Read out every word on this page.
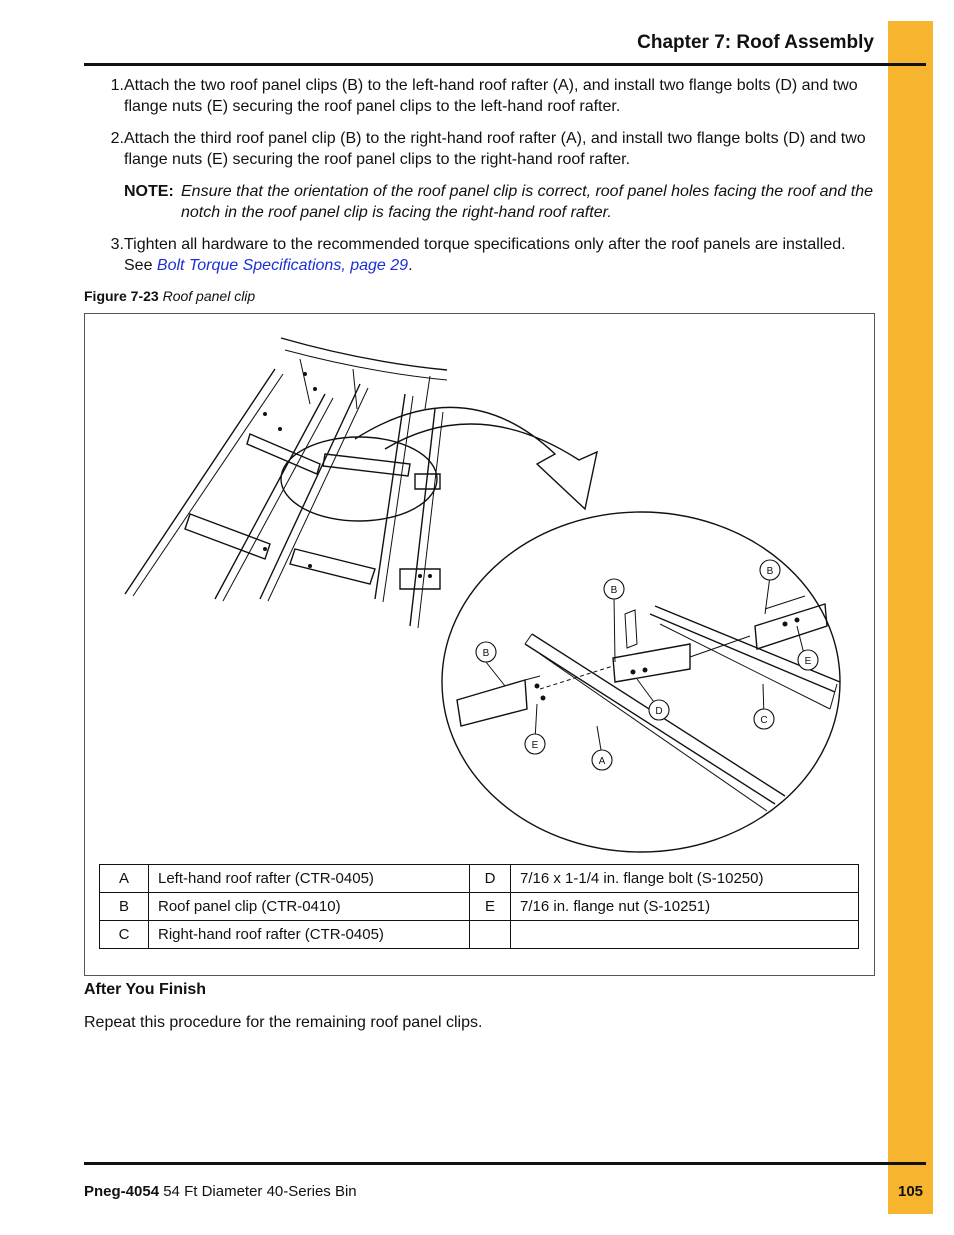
Chapter 7: Roof Assembly
1. Attach the two roof panel clips (B) to the left-hand roof rafter (A), and install two flange bolts (D) and two flange nuts (E) securing the roof panel clips to the left-hand roof rafter.
2. Attach the third roof panel clip (B) to the right-hand roof rafter (A), and install two flange bolts (D) and two flange nuts (E) securing the roof panel clips to the right-hand roof rafter.
NOTE: Ensure that the orientation of the roof panel clip is correct, roof panel holes facing the roof and the notch in the roof panel clip is facing the right-hand roof rafter.
3. Tighten all hardware to the recommended torque specifications only after the roof panels are installed. See Bolt Torque Specifications, page 29.
Figure 7-23 Roof panel clip
B
B
B
E
D
A
C
E
A	Left-hand roof rafter (CTR-0405)	D	7/16 x 1-1/4 in. flange bolt (S-10250)
B	Roof panel clip (CTR-0410)	E	7/16 in. flange nut (S-10251)
C	Right-hand roof rafter (CTR-0405)		
After You Finish
Repeat this procedure for the remaining roof panel clips.
Pneg-4054 54 Ft Diameter 40-Series Bin	105
